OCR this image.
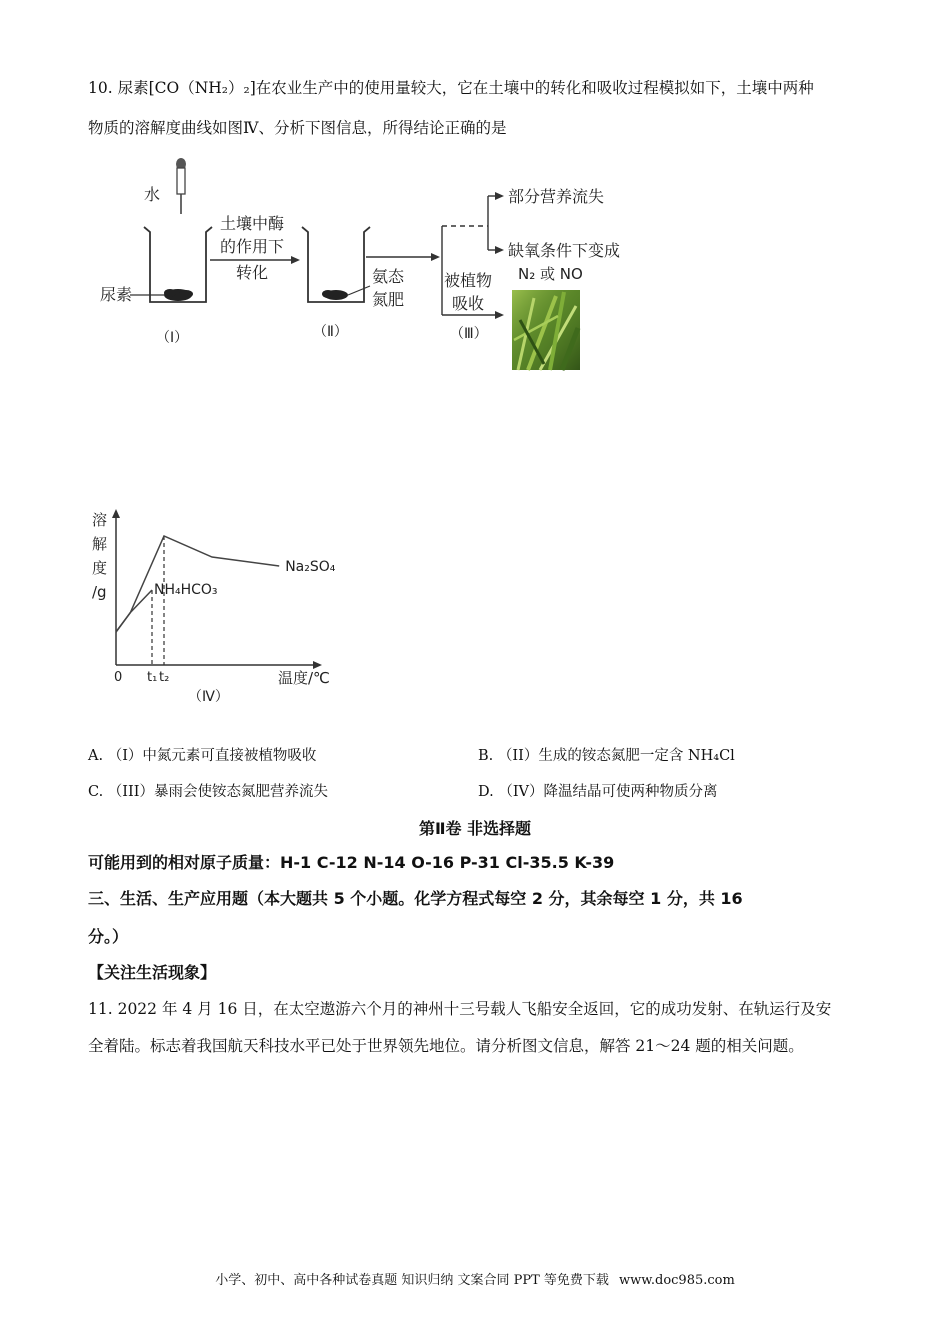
10. 尿素[CO（NH₂）₂]在农业生产中的使用量较大，它在土壤中的转化和吸收过程模拟如下，土壤中两种
物质的溶解度曲线如图Ⅳ、分析下图信息，所得结论正确的是
水
尿素
（Ⅰ）
土壤中酶
的作用下
转化	氨态
氮肥
（Ⅱ）
部分营养流失
缺氧条件下变成
N₂ 或 NO
被植物
吸收
（Ⅲ）
溶
解
度
/g
0 t₁ t₂
Na₂SO₄
NH₄HCO₃
温度/℃
（Ⅳ）
A. （Ⅰ）中氮元素可直接被植物吸收	B. （II）生成的铵态氮肥一定含 NH₄Cl
C. （III）暴雨会使铵态氮肥营养流失	D. （IV）降温结晶可使两种物质分离
第Ⅱ卷 非选择题
可能用到的相对原子质量：H-1 C-12 N-14 O-16 P-31 Cl-35.5 K-39
三、生活、生产应用题（本大题共 5 个小题。化学方程式每空 2 分，其余每空 1 分，共 16
分。）
【关注生活现象】
11. 2022 年 4 月 16 日，在太空遨游六个月的神州十三号载人飞船安全返回，它的成功发射、在轨运行及安
全着陆。标志着我国航天科技水平已处于世界领先地位。请分析图文信息，解答 21～24 题的相关问题。
小学、初中、高中各种试卷真题 知识归纳 文案合同 PPT 等免费下载 www.doc985.com
